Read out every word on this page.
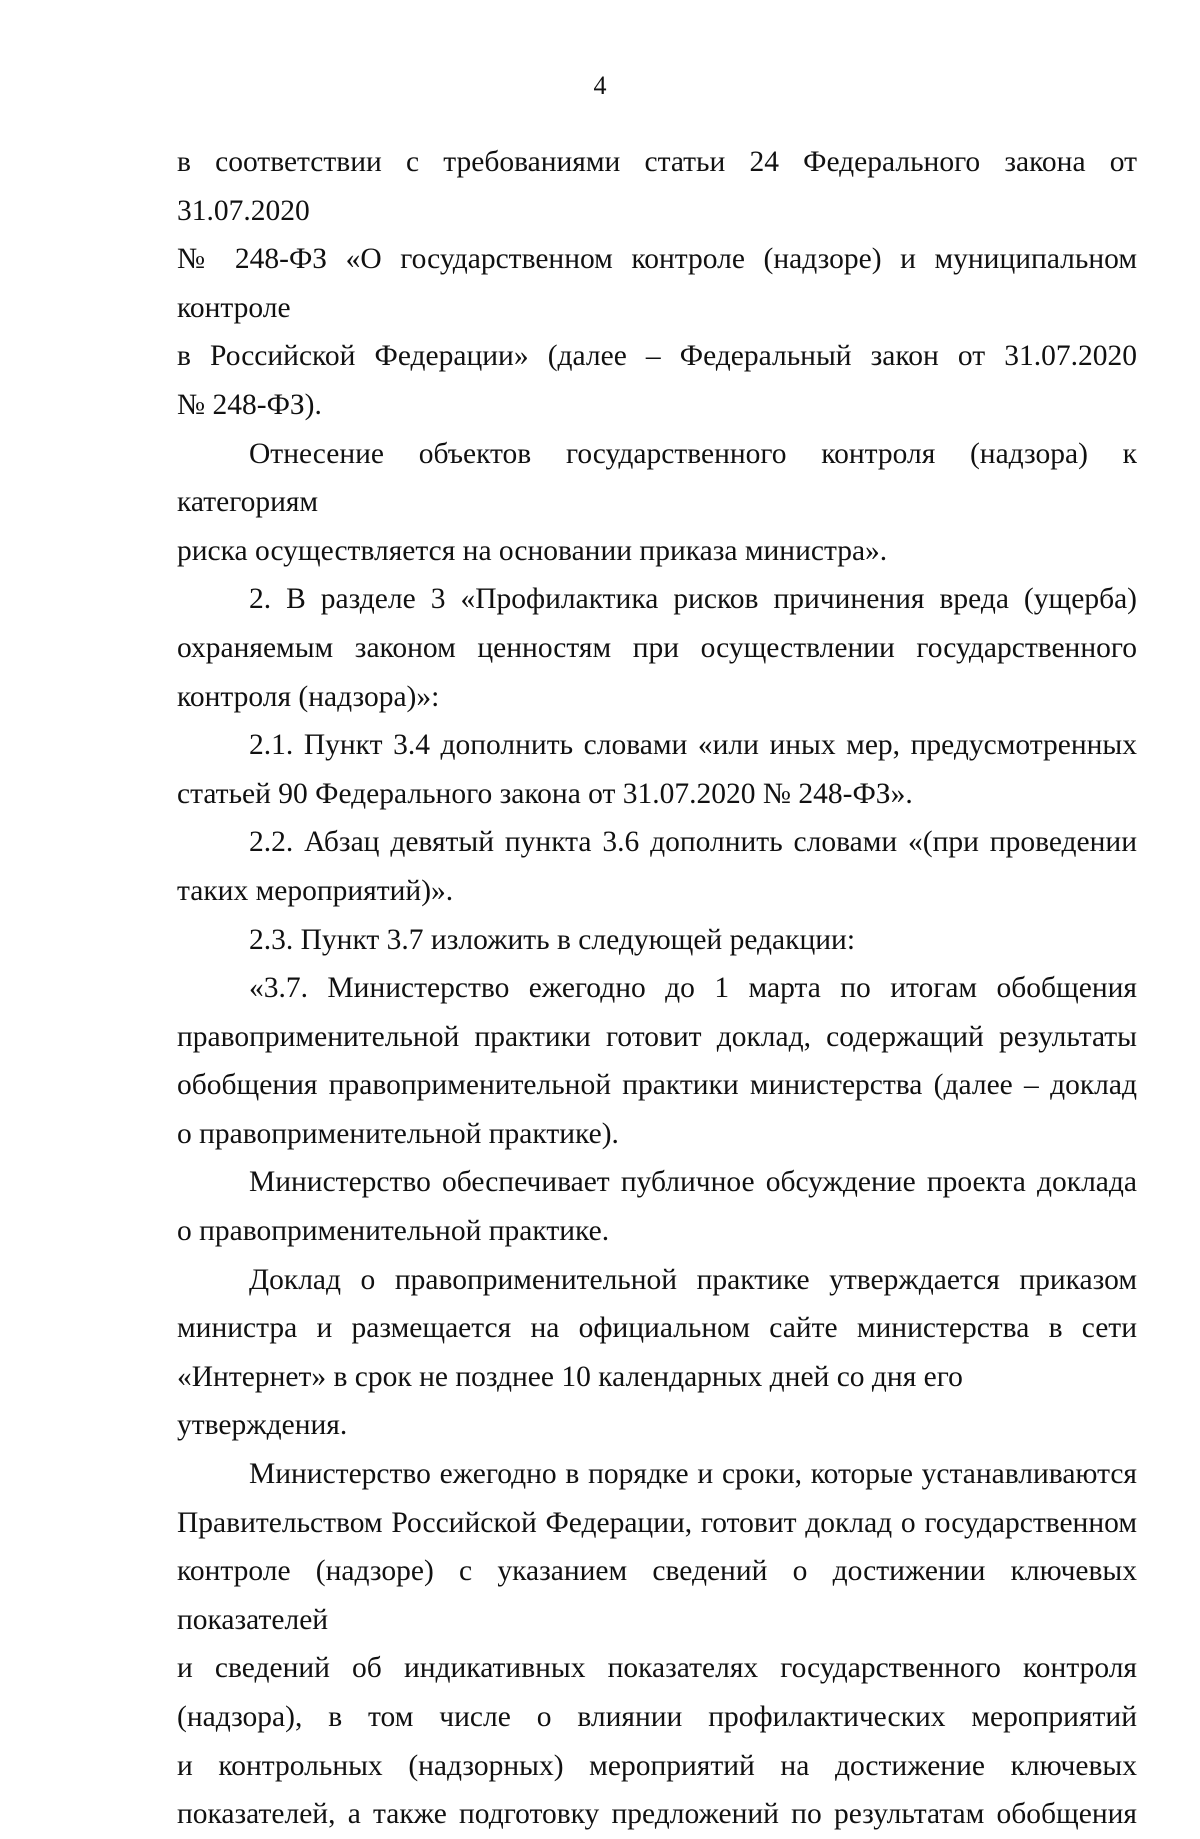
4

в соответствии с требованиями статьи 24 Федерального закона от 31.07.2020

№ 248-ФЗ «О государственном контроле (надзоре) и муниципальном контроле

в Российской Федерации» (далее – Федеральный закон от 31.07.2020

№ 248-ФЗ).

Отнесение объектов государственного контроля (надзора) к категориям

риска осуществляется на основании приказа министра».

2. В разделе 3 «Профилактика рисков причинения вреда (ущерба)

охраняемым законом ценностям при осуществлении государственного

контроля (надзора)»:

2.1. Пункт 3.4 дополнить словами «или иных мер, предусмотренных

статьей 90 Федерального закона от 31.07.2020 № 248-ФЗ».

2.2. Абзац девятый пункта 3.6 дополнить словами «(при проведении

таких мероприятий)».

2.3. Пункт 3.7 изложить в следующей редакции:

«3.7. Министерство ежегодно до 1 марта по итогам обобщения

правоприменительной практики готовит доклад, содержащий результаты

обобщения правоприменительной практики министерства (далее – доклад

о правоприменительной практике).

Министерство обеспечивает публичное обсуждение проекта доклада

о правоприменительной практике.

Доклад о правоприменительной практике утверждается приказом

министра и размещается на официальном сайте министерства в сети

«Интернет» в срок не позднее 10 календарных дней со дня его утверждения.

Министерство ежегодно в порядке и сроки, которые устанавливаются

Правительством Российской Федерации, готовит доклад о государственном

контроле (надзоре) с указанием сведений о достижении ключевых показателей

и сведений об индикативных показателях государственного контроля

(надзора), в том числе о влиянии профилактических мероприятий

и контрольных (надзорных) мероприятий на достижение ключевых

показателей, а также подготовку предложений по результатам обобщения
